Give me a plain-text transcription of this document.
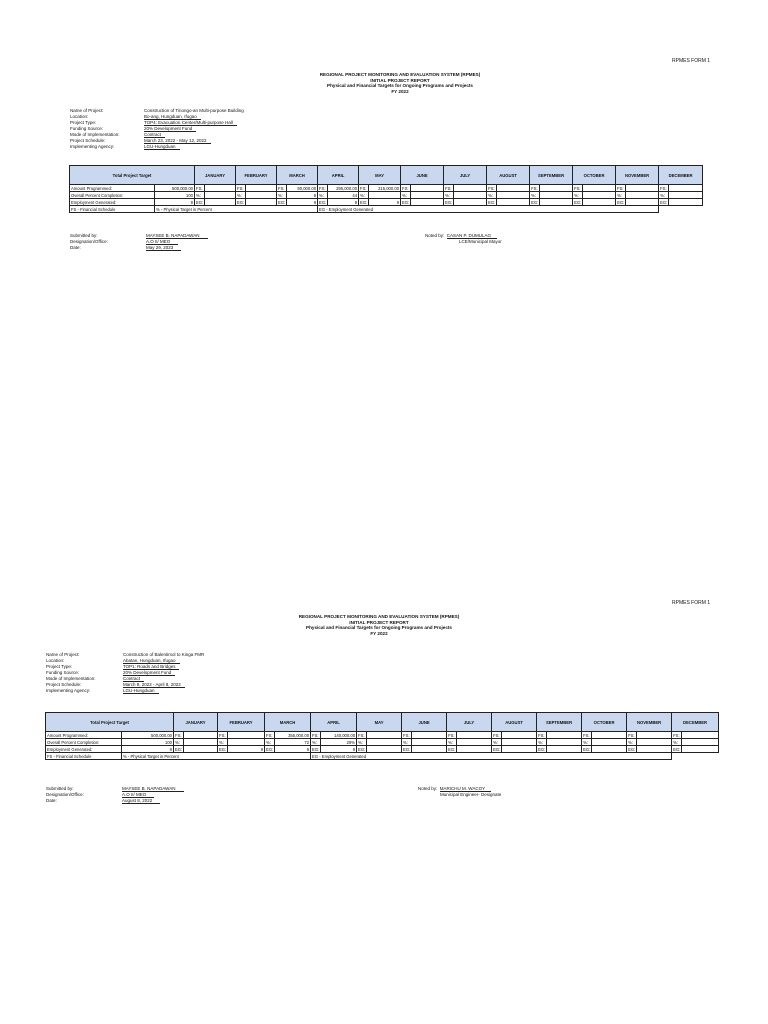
RPMES FORM 1
REGIONAL PROJECT MONITORING AND EVALUATION SYSTEM (RPMES)
INITIAL PROJECT REPORT
Physical and Financial Targets for Ongoing Programs and Projects
FY 2022
Name of Project:	Construction of Tinongo-an Multi-purpose Building
Location:	Bo-ang, Hungduan, Ifugao
Project Type:	TOP4: Evacuation Center/Multi-purpose Hall
Funding Source:	20% Development Fund
Mode of Implementation:	Contract
Project Schedule:	March 23, 2022 - May 12, 2022
Implementing Agency:	LGU-Hungduan
Total Project Target		JANUARY		FEBRUARY		MARCH		APRIL		MAY		JUNE		JULY		AUGUST		SEPTEMBER		OCTOBER		NOVEMBER		DECEMBER	
Amount Programmed:	500,000.00	FS:		FS:		FS:	90,000.00	FS:	295,000.00	FS:	215,000.00	FS:		FS:		FS:		FS:		FS:		FS:		FS:	
Overall Percent Completion:	100	%:		%:		%:	8	%:	44	%:		%:		%:		%:		%:		%:		%:		%:	
Employment Generated:	9	EG:		EG:		EG:	9	EG:	9	EG:	9	EG:		EG:		EG:		EG:		EG:		EG:		EG:	
FS - Financial Schedule	% - Physical Target in Percent							EG - Employment Generated																	
Submitted by:	MAYSEE B. NAPADAWAN
Designation/Office:	A.O II/ MEO
Date:	May 29, 2023
Noted by: CASAN P. DUMULAG
LCE/Municipal Mayor
RPMES FORM 1
REGIONAL PROJECT MONITORING AND EVALUATION SYSTEM (RPMES)
INITIAL PROJECT REPORT
Physical and Financial Targets for Ongoing Programs and Projects
FY 2022
Name of Project:	Construction of Balentimol to Kinga FMR
Location:	Abatan, Hungduan, Ifugao
Project Type:	TOP1: Roads and Bridges
Funding Source:	20% Development Fund
Mode of Implementation:	Contract
Project Schedule:	March 9, 2022 - April 8, 2022
Implementing Agency:	LGU-Hungduan
Total Project Target		JANUARY		FEBRUARY		MARCH		APRIL		MAY		JUNE		JULY		AUGUST		SEPTEMBER		OCTOBER		NOVEMBER		DECEMBER	
Amount Programmed:	500,000.00	FS:		FS:		FS:	355,000.00	FS:	140,000.00	FS:		FS:		FS:		FS:		FS:		FS:		FS:		FS:	
Overall Percent Completion:	100	%:		%:		%:	72	%:	28%	%:		%:		%:		%:		%:		%:		%:		%:	
Employment Generated:	9	EG:		EG:	9	EG:	9	EG:	9	EG:		EG:		EG:		EG:		EG:		EG:		EG:		EG:	
FS - Financial Schedule	% - Physical Target in Percent							EG - Employment Generated																	
Submitted by:	MAYSEE B. NAPADAWAN
Designation/Office:	A.O II/ MEO
Date:	August 8, 2022
Noted by: MARICHU M. WACOY
Municipal Engineer- Designate
